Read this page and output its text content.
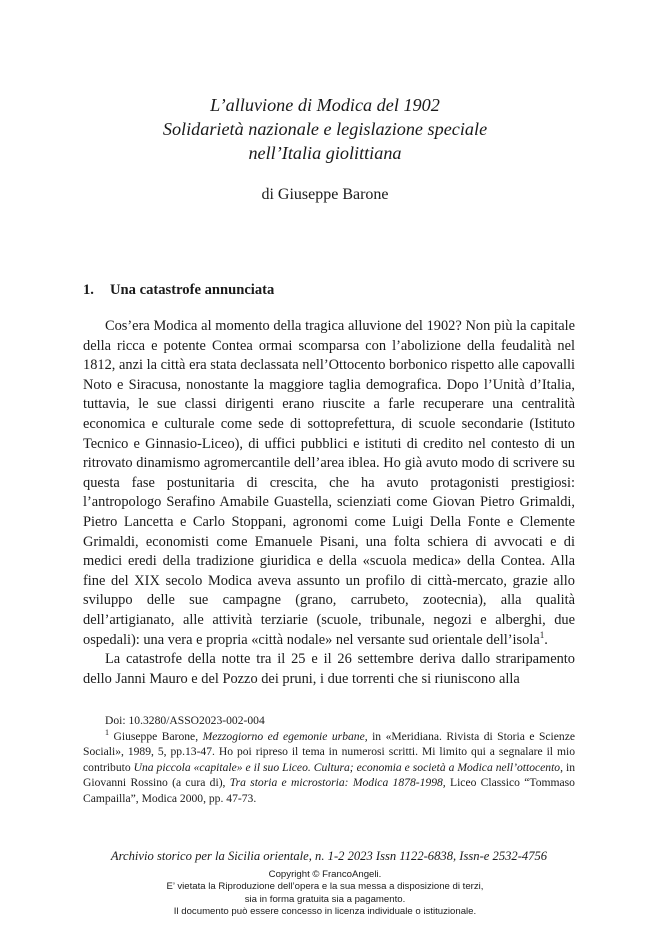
L’alluvione di Modica del 1902
Solidarietà nazionale e legislazione speciale
nell’Italia giolittiana
di Giuseppe Barone
1. Una catastrofe annunciata

Cos’era Modica al momento della tragica alluvione del 1902? Non più la capitale della ricca e potente Contea ormai scomparsa con l’abolizione della feudalità nel 1812, anzi la città era stata declassata nell’Ottocento borbonico rispetto alle capovalli Noto e Siracusa, nonostante la maggiore taglia demografica. Dopo l’Unità d’Italia, tuttavia, le sue classi dirigenti erano riuscite a farle recuperare una centralità economica e culturale come sede di sottoprefettura, di scuole secondarie (Istituto Tecnico e Ginnasio-Liceo), di uffici pubblici e istituti di credito nel contesto di un ritrovato dinamismo agromercantile dell’area iblea. Ho già avuto modo di scrivere su questa fase postunitaria di crescita, che ha avuto protagonisti prestigiosi: l’antropologo Serafino Amabile Guastella, scienziati come Giovan Pietro Grimaldi, Pietro Lancetta e Carlo Stoppani, agronomi come Luigi Della Fonte e Clemente Grimaldi, economisti come Emanuele Pisani, una folta schiera di avvocati e di medici eredi della tradizione giuridica e della «scuola medica» della Contea. Alla fine del XIX secolo Modica aveva assunto un profilo di città-mercato, grazie allo sviluppo delle sue campagne (grano, carrubeto, zootecnia), alla qualità dell’artigianato, alle attività terziarie (scuole, tribunale, negozi e alberghi, due ospedali): una vera e propria «città nodale» nel versante sud orientale dell’isola$^1$.

La catastrofe della notte tra il 25 e il 26 settembre deriva dallo straripamento dello Janni Mauro e del Pozzo dei pruni, i due torrenti che si riuniscono alla

Doi: 10.3280/ASSO2023-002-004

$^1$ Giuseppe Barone, Mezzogiorno ed egemonie urbane, in «Meridiana. Rivista di Storia e Scienze Sociali», 1989, 5, pp.13-47. Ho poi ripreso il tema in numerosi scritti. Mi limito qui a segnalare il mio contributo Una piccola «capitale» e il suo Liceo. Cultura; economia e società a Modica nell’ottocento, in Giovanni Rossino (a cura di), Tra storia e microstoria: Modica 1878-1998, Liceo Classico “Tommaso Campailla”, Modica 2000, pp. 47-73.

Archivio storico per la Sicilia orientale, n. 1-2 2023 Issn 1122-6838, Issn-e 2532-4756
Copyright © FrancoAngeli.
E’ vietata la Riproduzione dell’opera e la sua messa a disposizione di terzi,
sia in forma gratuita sia a pagamento.
Il documento può essere concesso in licenza individuale o istituzionale.
